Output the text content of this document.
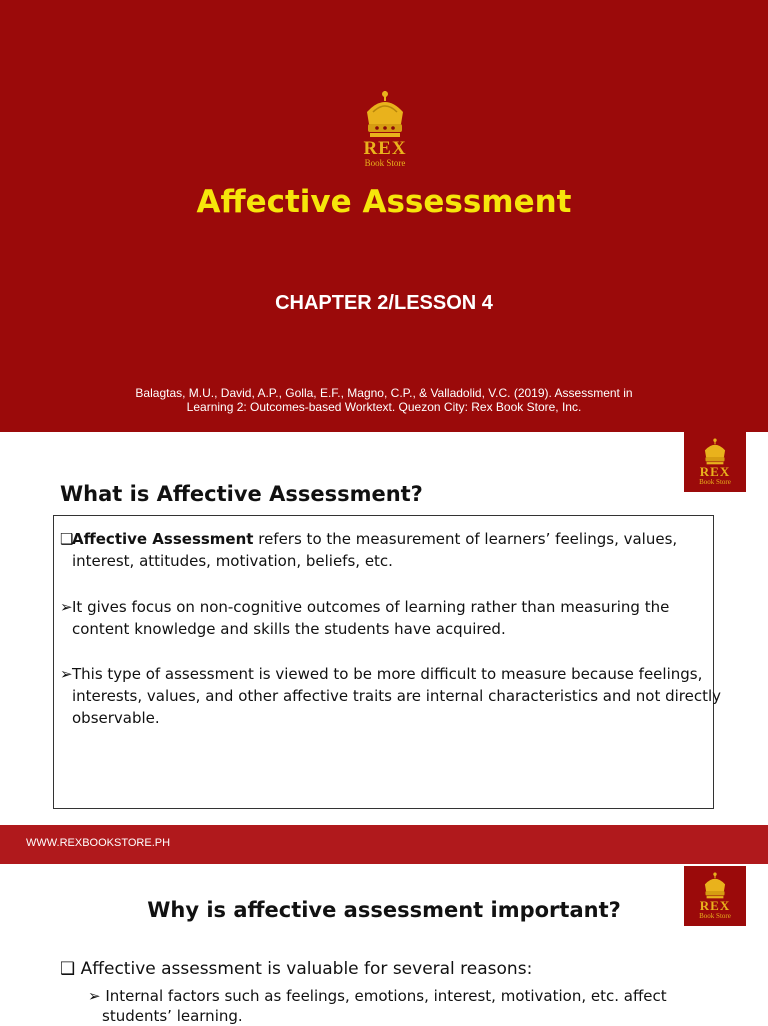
REX
Book Store
Affective Assessment
CHAPTER 2/LESSON 4
Balagtas, M.U., David, A.P., Golla, E.F., Magno, C.P., & Valladolid, V.C. (2019). Assessment in
Learning 2: Outcomes-based Worktext. Quezon City: Rex Book Store, Inc.
REX
Book Store
What is Affective Assessment?
❑Affective Assessment refers to the measurement of learners’ feelings, values, interest, attitudes, motivation, beliefs, etc.
➢It gives focus on non-cognitive outcomes of learning rather than measuring the content knowledge and skills the students have acquired.
➢This type of assessment is viewed to be more difficult to measure because feelings, interests, values, and other affective traits are internal characteristics and not directly observable.
WWW.REXBOOKSTORE.PH
REX
Book Store
Why is affective assessment important?
❑ Affective assessment is valuable for several reasons:
➢ Internal factors such as feelings, emotions, interest, motivation, etc. affect students’ learning.
